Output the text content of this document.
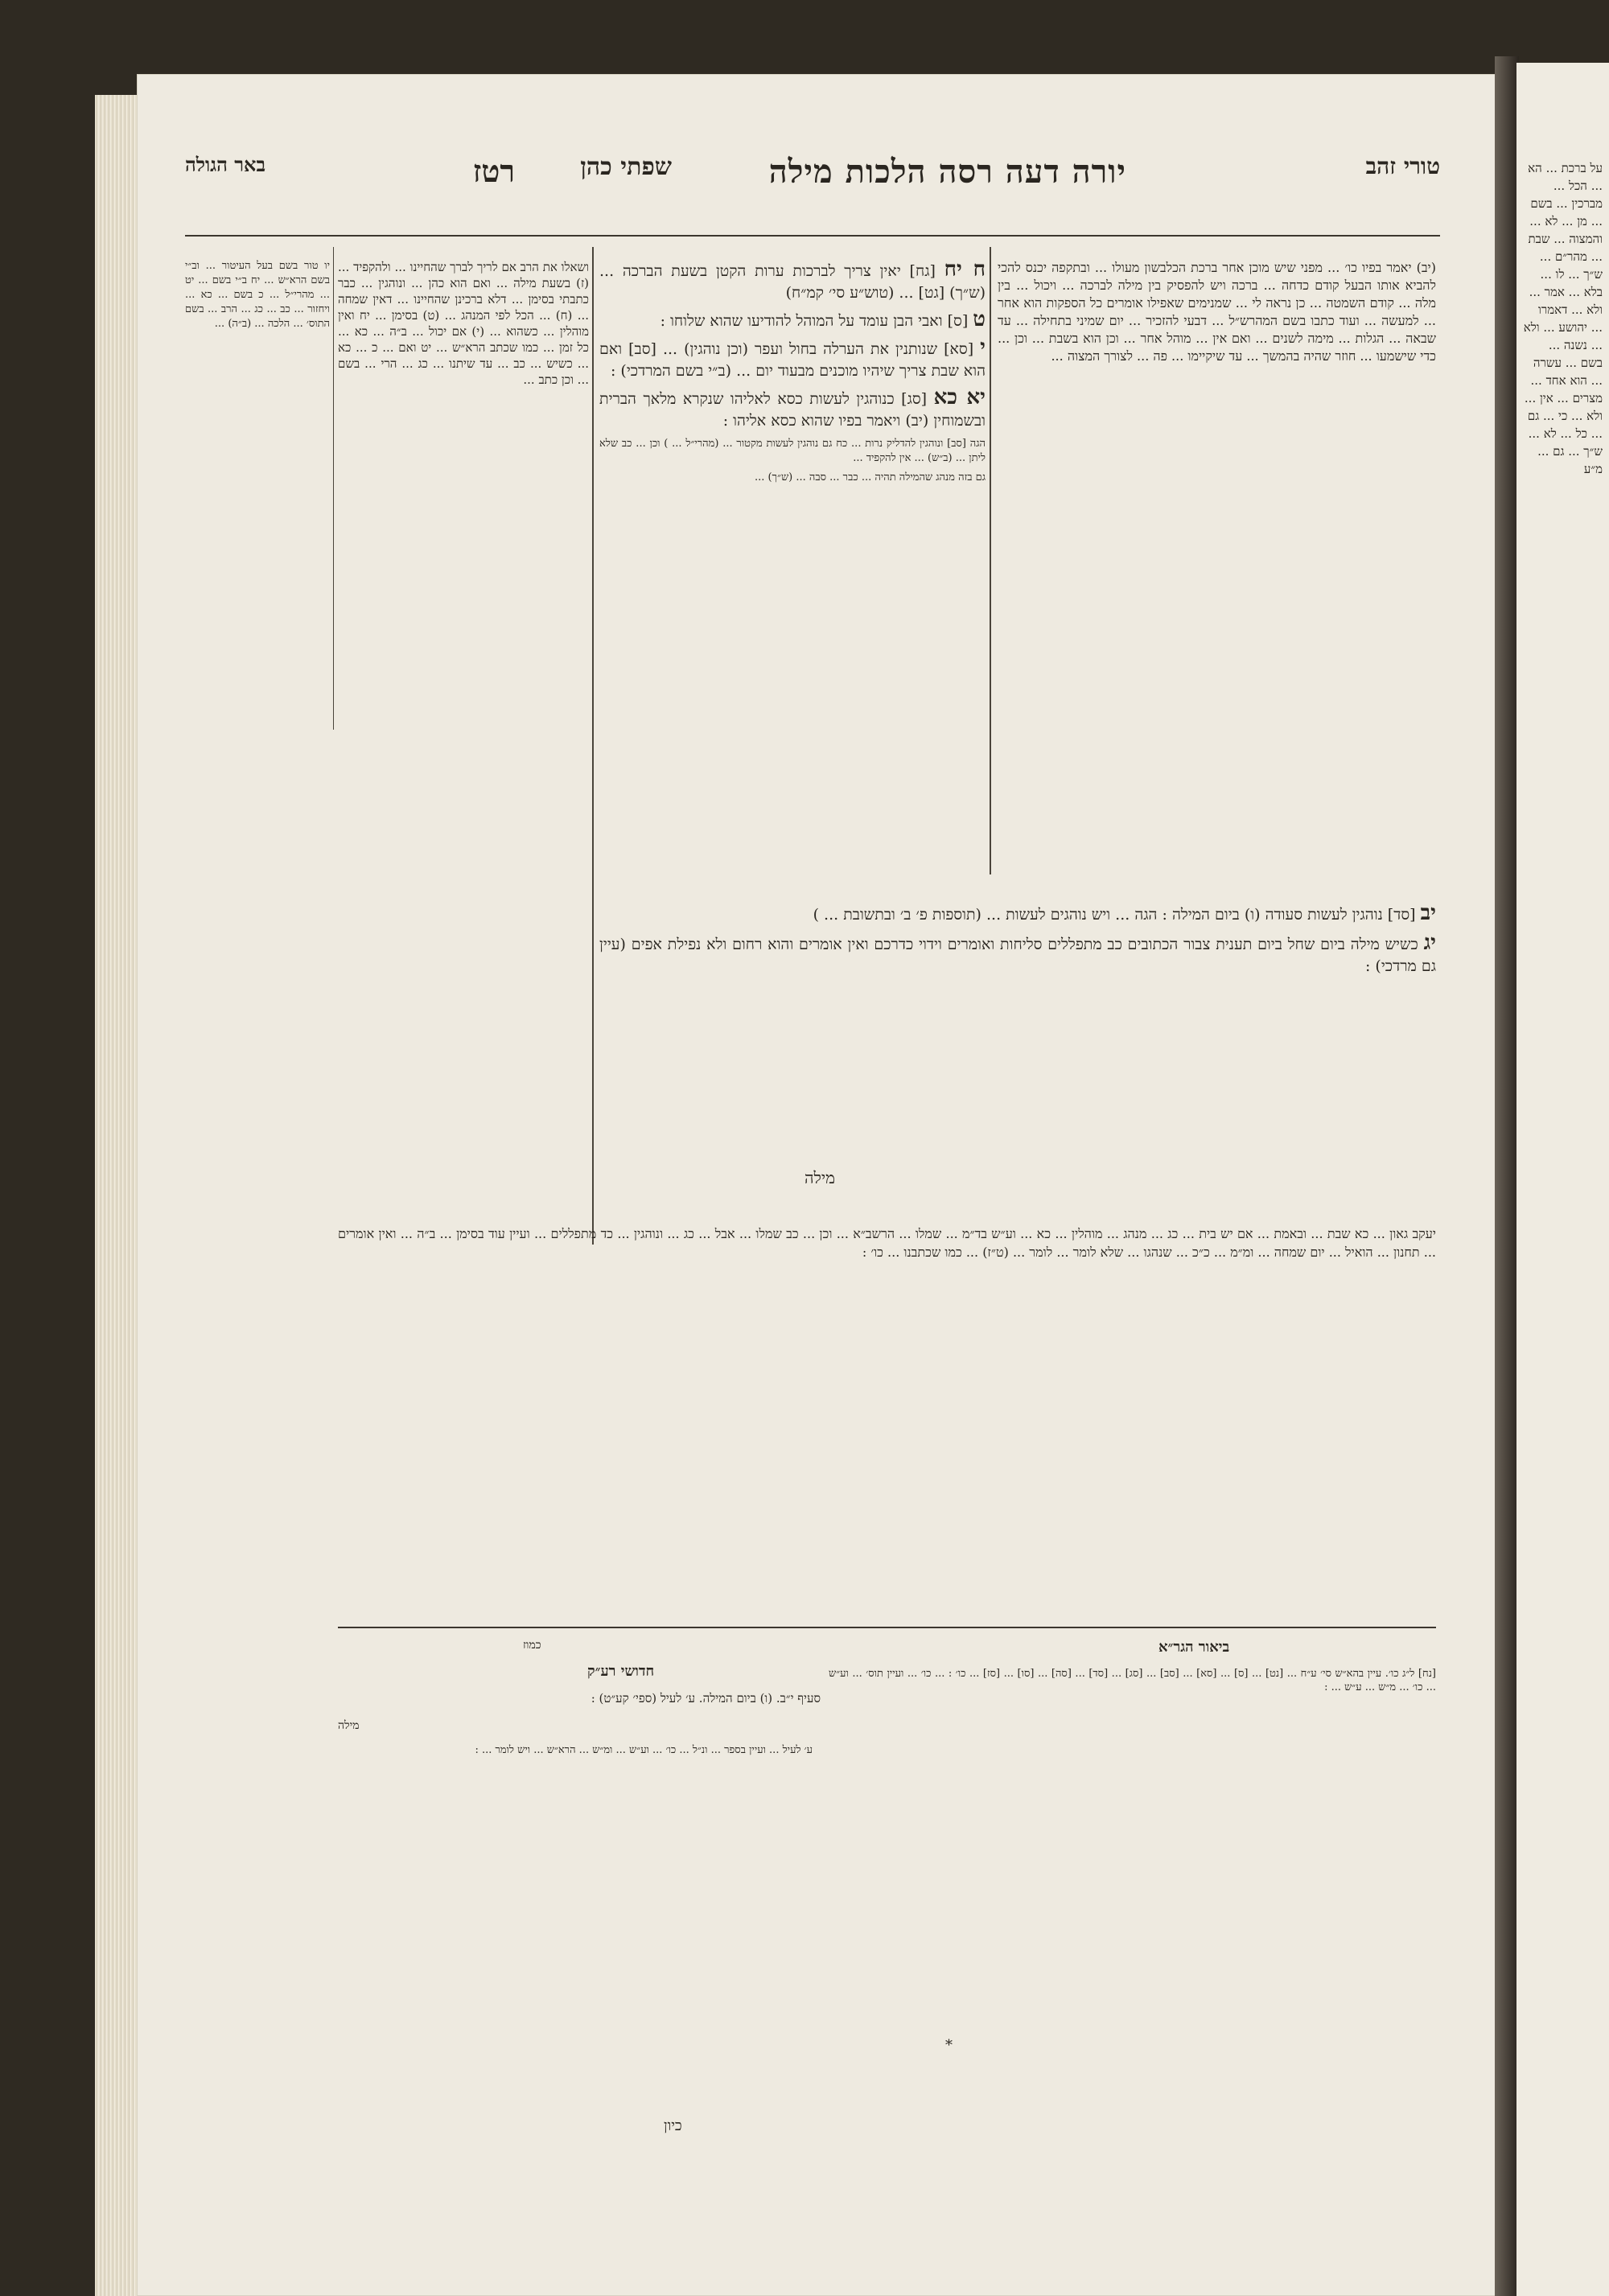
טורי זהב
יורה דעה רסה הלכות מילה
שפתי כהן
רטז
באר הגולה
(יב) יאמר בפיו כו׳ ... מפני שיש מוכן אחר ברכת הכלבשון מעולו ... ובתקפה יכנס להכי להביא אותו הבעל קודם כדחה ... ברכה ויש להפסיק בין מילה לברכה ... ויכול ... בין מלה ... קודם השמטה ... כן נראה לי ... שמנימים שאפילו אומרים כל הספקות הוא אחר ... למעשה ... ועוד כתבו בשם המהרש״ל ... דבעי להזכיר ... יום שמיני בתחילה ... עד שבאה ... הגלות ... מימה לשנים ... ואם אין ... מוהל אחר ... וכן הוא בשבת ... וכן ... כדי שישמעו ... חוזר שהיה בהמשך ... עד שיקיימו ... פה ... לצורך המצוה ...

ח יח [גח] יאין צריך לברכות ערות הקטן בשעת הברכה ... (ש״ך) [גט] ... (טוש״ע סי׳ קמ״ח)

ט [ס] ואבי הבן עומד על המוהל להודיעו שהוא שלוחו :

י [סא] שנותנין את הערלה בחול ועפר (וכן נוהגין) ... [סב] ואם הוא שבת צריך שיהיו מוכנים מבעוד יום ... (ב״י בשם המרדכי) :

יא כא [סג] כנוהגין לעשות כסא לאליהו שנקרא מלאך הברית ובשמוחין (יב) ויאמר בפיו שהוא כסא אליהו :

הגה [סב] ונוהגין להדליק נרות ... כח גם נוהגין לעשות מקטור ... (מהרי״ל ... ) וכן ... כב שלא ליתן ... (ב״ש) ... אין להקפיד ...

גם בזה מנהג שהמילה תהיה ... כבר ... סבה ... (ש״ך) ...

יב [סד] נוהגין לעשות סעודה (ו) ביום המילה : הגה ... ויש נוהגים לעשות ... (תוספות פ׳ ב׳ ובתשובת ... )

יג כשיש מילה ביום שחל ביום תענית צבור הכתובים כב מתפללים סליחות ואומרים וידוי כדרכם ואין אומרים והוא רחום ולא נפילת אפים (עיין גם מרדכי) :

מילה
ושאלו את הרב אם לריך לברך שהחיינו ... ולהקפיד ... (ז) בשעת מילה ... ואם הוא כהן ... ונוהגין ... כבר כתבתי בסימן ... דלא ברכינן שהחיינו ... דאין שמחה ... (ח) ... הכל לפי המנהג ... (ט) בסימן ... יח ואין מוהלין ... כשהוא ... (י) אם יכול ... ב״ה ... כא ... כל זמן ... כמו שכתב הרא״ש ... יט ואם ... כ ... כא ... כשיש ... כב ... עד שיתנו ... כג ... הרי ... בשם ... וכן כתב ...
יו טור בשם בעל העיטור ... וב״י בשם הרא״ש ... יח ב״י בשם ... יט ... מהרי״ל ... כ בשם ... כא ... ויחזור ... כב ... כג ... הרב ... בשם התוס׳ ... הלכה ... (ב״ה) ...
יעקב גאון ... כא שבת ... ובאמת ... אם יש בית ... כג ... מנהג ... מוהלין ... כא ... וע״ש בד״מ ... שמלו ... הרשב״א ... וכן ... כב שמלו ... אבל ... כג ... ונוהגין ... כד מתפללים ... ועיין עוד בסימן ... ב״ה ... ואין אומרים ... תחנון ... הואיל ... יום שמחה ... ומ״מ ... כ״כ ... שנהגו ... שלא לומר ... לומר ... (ט״ז) ... כמו שכתבנו ... כו׳ :
ביאור הגר״א
חדושי רע״ק
כמוז
סעיף י״ב. (ו) ביום המילה. ע׳ לעיל (ספי׳ קע״ט) :
מילה
[נח] ל״ג כו׳. עיין בהא״ש סי׳ ע״ח ... [נט] ... [ס] ... [סא] ... [סב] ... [סג] ... [סד] ... [סה] ... [סו] ... [סז] ... כו׳ : ... כו׳ ... ועיין תוס׳ ... וע״ש ... כו׳ ... מ״ש ... ע״ש ... :
ע׳ לעיל ... ועיין בספר ... ונ״ל ... כו׳ ... וע״ש ... ומ״ש ... הרא״ש ... ויש לומר ... :
*
כיון
על ברכת ... הא ... הכל ... מברכין ... בשם ... מן ... לא ... והמצוה ... שבת ... מהר״ם ... ש״ך ... לו ... בלא ... אמר ... ולא ... דאמרו ... יהושע ... ולא ... נשנה ... בשם ... עשרה ... הוא אחד ... מצרים ... אין ... ולא ... כי ... גם ... כל ... לא ... ש״ך ... גם ... מ״ע
